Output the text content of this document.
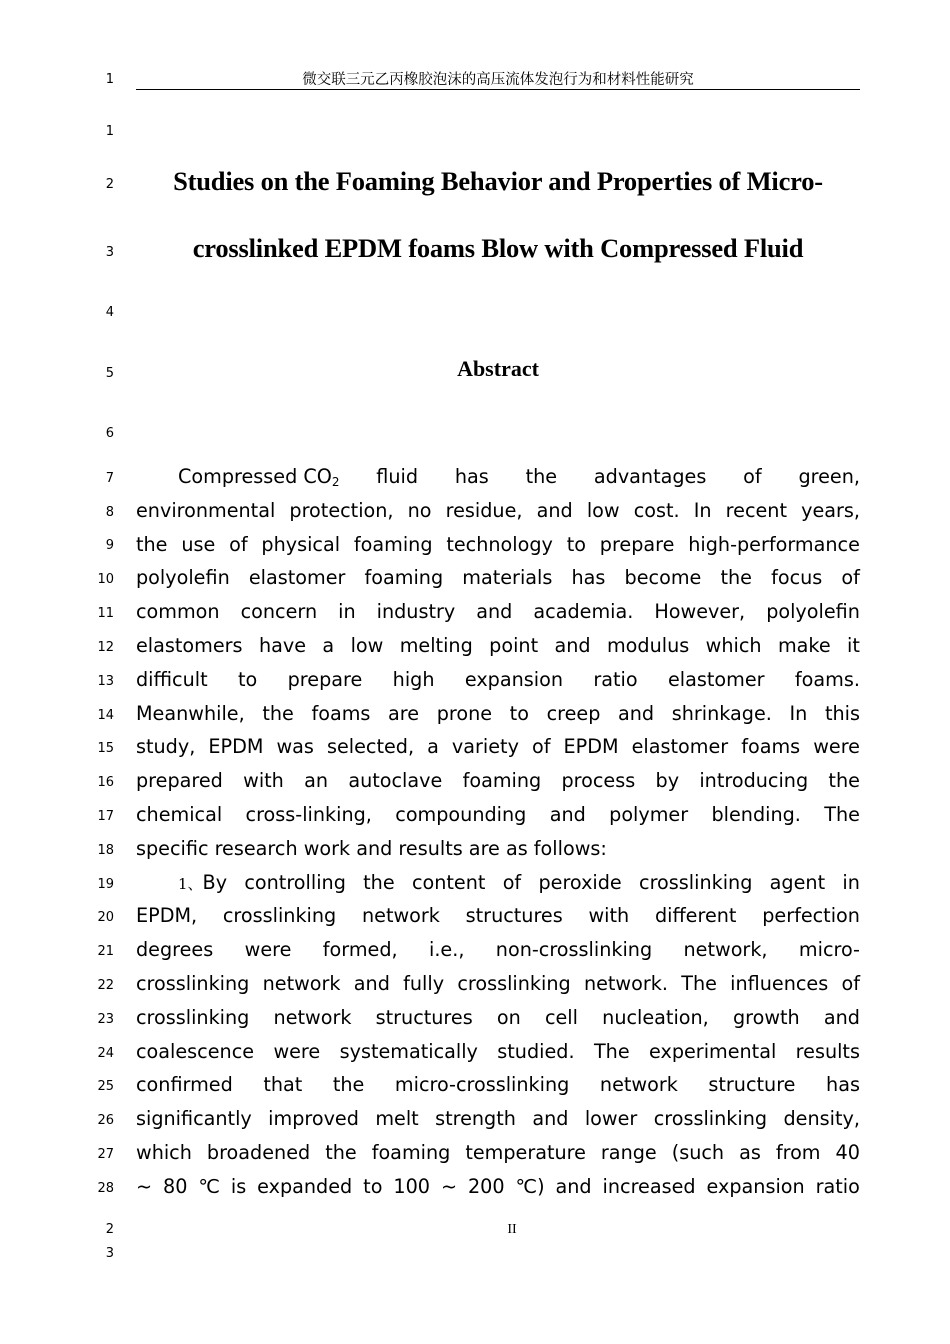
1	微交联三元乙丙橡胶泡沫的高压流体发泡行为和材料性能研究
1
2	Studies on the Foaming Behavior and Properties of Micro-
3	crosslinked EPDM foams Blow with Compressed Fluid
4
5	Abstract
6
7
8
9
10
11
12
13
14
15
16
17
18
19
20
21
22
23
24
25
26
27
28
Compressed $CO_2$ fluid has the advantages of green,
environmental protection, no residue, and low cost. In recent years,
the use of physical foaming technology to prepare high-performance
polyolefin elastomer foaming materials has become the focus of
common concern in industry and academia. However, polyolefin
elastomers have a low melting point and modulus which make it
difficult to prepare high expansion ratio elastomer foams.
Meanwhile, the foams are prone to creep and shrinkage. In this
study, EPDM was selected, a variety of EPDM elastomer foams were
prepared with an autoclave foaming process by introducing the
chemical cross-linking, compounding and polymer blending. The
specific research work and results are as follows:
1、By controlling the content of peroxide crosslinking agent in
EPDM, crosslinking network structures with different perfection
degrees were formed, i.e., non-crosslinking network, micro-
crosslinking network and fully crosslinking network. The influences of
crosslinking network structures on cell nucleation, growth and
coalescence were systematically studied. The experimental results
confirmed that the micro-crosslinking network structure has
significantly improved melt strength and lower crosslinking density,
which broadened the foaming temperature range (such as from 40
~ 80 ℃ is expanded to 100 ~ 200 ℃) and increased expansion ratio
2	II
3
